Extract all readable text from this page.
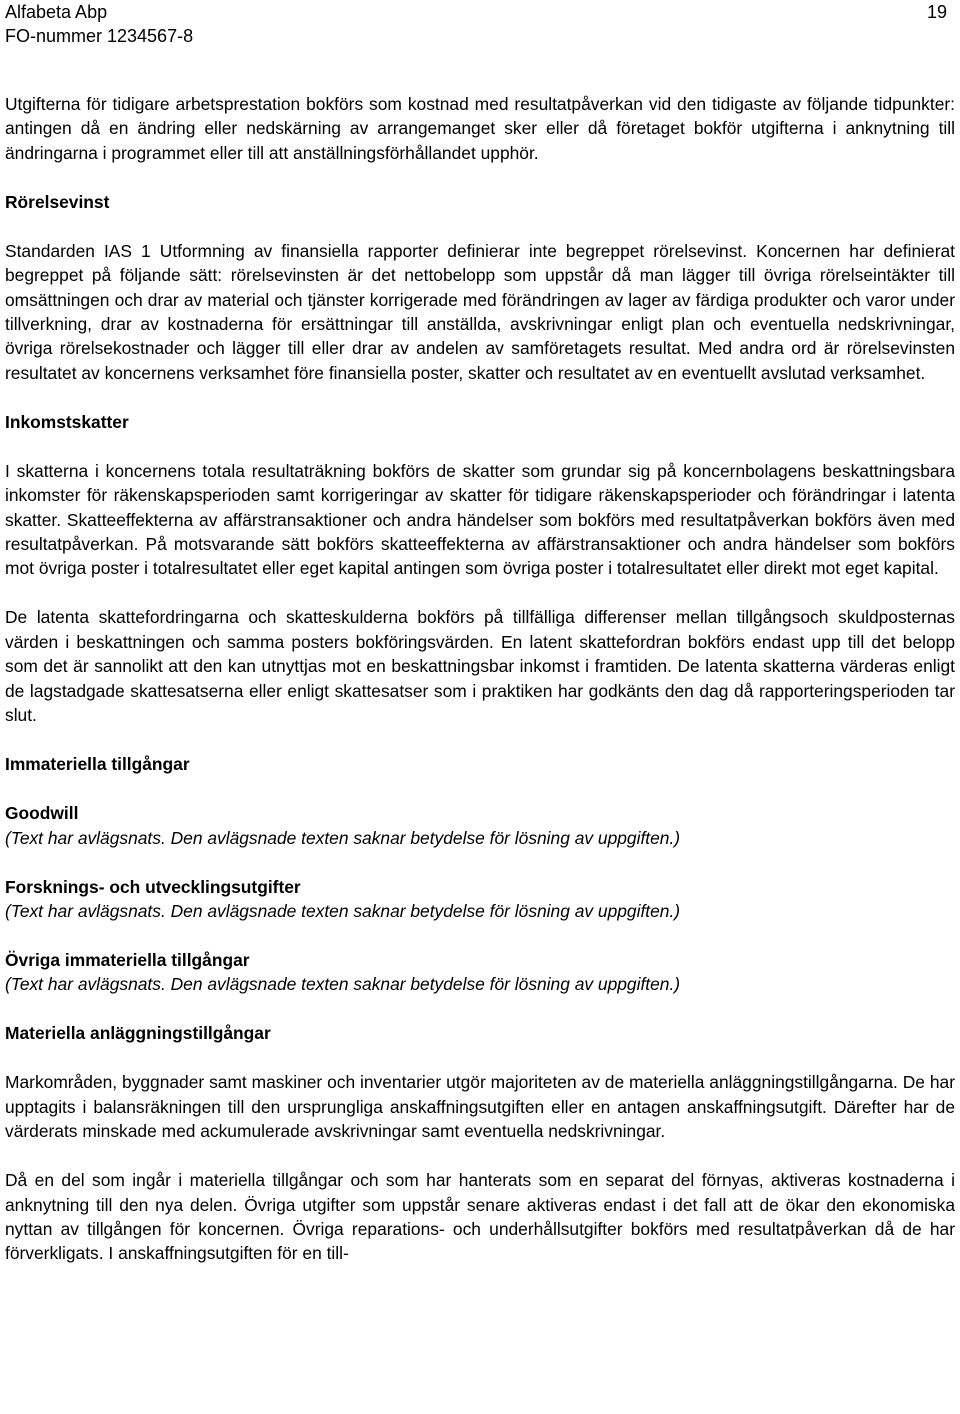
Alfabeta Abp
FO-nummer 1234567-8
19

Utgifterna för tidigare arbetsprestation bokförs som kostnad med resultatpåverkan vid den tidigaste av följande tidpunkter: antingen då en ändring eller nedskärning av arrangemanget sker eller då företaget bokför utgifterna i anknytning till ändringarna i programmet eller till att anställningsförhållandet upphör.

Rörelsevinst

Standarden IAS 1 Utformning av finansiella rapporter definierar inte begreppet rörelsevinst. Koncernen har definierat begreppet på följande sätt: rörelsevinsten är det nettobelopp som uppstår då man lägger till övriga rörelseintäkter till omsättningen och drar av material och tjänster korrigerade med förändringen av lager av färdiga produkter och varor under tillverkning, drar av kostnaderna för ersättningar till anställda, avskrivningar enligt plan och eventuella nedskrivningar, övriga rörelsekostnader och lägger till eller drar av andelen av samföretagets resultat. Med andra ord är rörelsevinsten resultatet av koncernens verksamhet före finansiella poster, skatter och resultatet av en eventuellt avslutad verksamhet.

Inkomstskatter

I skatterna i koncernens totala resultaträkning bokförs de skatter som grundar sig på koncernbolagens beskattningsbara inkomster för räkenskapsperioden samt korrigeringar av skatter för tidigare räkenskapsperioder och förändringar i latenta skatter. Skatteeffekterna av affärstransaktioner och andra händelser som bokförs med resultatpåverkan bokförs även med resultatpåverkan. På motsvarande sätt bokförs skatteeffekterna av affärstransaktioner och andra händelser som bokförs mot övriga poster i totalresultatet eller eget kapital antingen som övriga poster i totalresultatet eller direkt mot eget kapital.

De latenta skattefordringarna och skatteskulderna bokförs på tillfälliga differenser mellan tillgångsoch skuldposternas värden i beskattningen och samma posters bokföringsvärden. En latent skattefordran bokförs endast upp till det belopp som det är sannolikt att den kan utnyttjas mot en beskattningsbar inkomst i framtiden. De latenta skatterna värderas enligt de lagstadgade skattesatserna eller enligt skattesatser som i praktiken har godkänts den dag då rapporteringsperioden tar slut.

Immateriella tillgångar
Goodwill

(Text har avlägsnats. Den avlägsnade texten saknar betydelse för lösning av uppgiften.)

Forsknings- och utvecklingsutgifter

(Text har avlägsnats. Den avlägsnade texten saknar betydelse för lösning av uppgiften.)

Övriga immateriella tillgångar

(Text har avlägsnats. Den avlägsnade texten saknar betydelse för lösning av uppgiften.)

Materiella anläggningstillgångar

Markområden, byggnader samt maskiner och inventarier utgör majoriteten av de materiella anläggningstillgångarna. De har upptagits i balansräkningen till den ursprungliga anskaffningsutgiften eller en antagen anskaffningsutgift. Därefter har de värderats minskade med ackumulerade avskrivningar samt eventuella nedskrivningar.

Då en del som ingår i materiella tillgångar och som har hanterats som en separat del förnyas, aktiveras kostnaderna i anknytning till den nya delen. Övriga utgifter som uppstår senare aktiveras endast i det fall att de ökar den ekonomiska nyttan av tillgången för koncernen. Övriga reparations- och underhållsutgifter bokförs med resultatpåverkan då de har förverkligats. I anskaffningsutgiften för en till-
